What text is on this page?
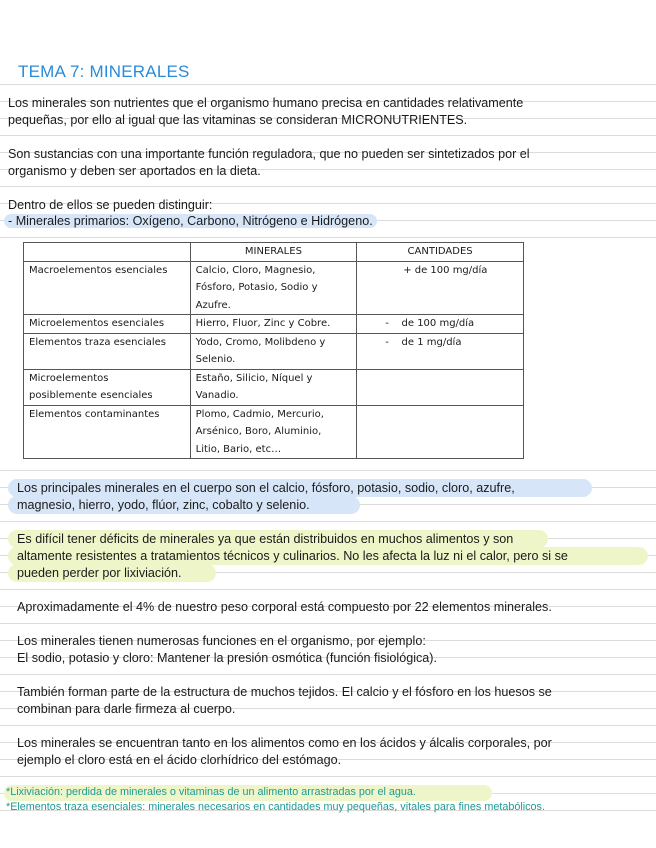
TEMA 7: MINERALES

Los minerales son nutrientes que el organismo humano precisa en cantidades relativamente

pequeñas, por ello al igual que las vitaminas se consideran MICRONUTRIENTES.

Son sustancias con una importante función reguladora, que no pueden ser sintetizados por el

organismo y deben ser aportados en la dieta.

Dentro de ellos se pueden distinguir:

- Minerales primarios: Oxígeno, Carbono, Nitrógeno e Hidrógeno.

	MINERALES	CANTIDADES
Macroelementos esenciales	Calcio, Cloro, Magnesio,
Fósforo, Potasio, Sodio y
Azufre.	+ de 100 mg/día
Microelementos esenciales	Hierro, Fluor, Zinc y Cobre.	-    de 100 mg/día
Elementos traza esenciales	Yodo, Cromo, Molibdeno y
Selenio.	-    de 1 mg/día
Microelementos
posiblemente esenciales	Estaño, Silicio, Níquel y
Vanadio.	
Elementos contaminantes	Plomo, Cadmio, Mercurio,
Arsénico, Boro, Aluminio,
Litio, Bario, etc…	

Los principales minerales en el cuerpo son el calcio, fósforo, potasio, sodio, cloro, azufre,

magnesio, hierro, yodo, flúor, zinc, cobalto y selenio.

Es difícil tener déficits de minerales ya que están distribuidos en muchos alimentos y son

altamente resistentes a tratamientos técnicos y culinarios. No les afecta la luz ni el calor, pero si se

pueden perder por lixiviación.

Aproximadamente el 4% de nuestro peso corporal está compuesto por 22 elementos minerales.

Los minerales tienen numerosas funciones en el organismo, por ejemplo:

El sodio, potasio y cloro: Mantener la presión osmótica (función fisiológica).

También forman parte de la estructura de muchos tejidos. El calcio y el fósforo en los huesos se

combinan para darle firmeza al cuerpo.

Los minerales se encuentran tanto en los alimentos como en los ácidos y álcalis corporales, por

ejemplo el cloro está en el ácido clorhídrico del estómago.

*Lixiviación: perdida de minerales o vitaminas de un alimento arrastradas por el agua.

*Elementos traza esenciales: minerales necesarios en cantidades muy pequeñas, vitales para fines metabólicos.
